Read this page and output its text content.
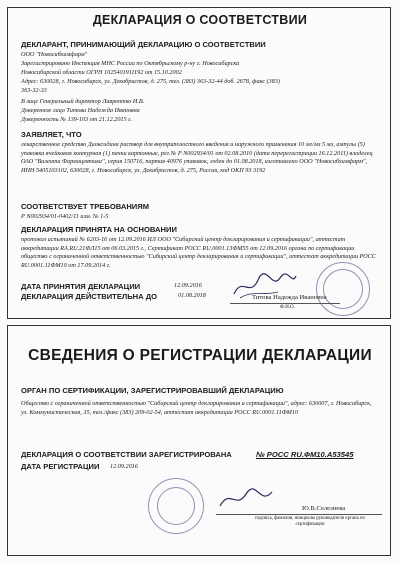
ДЕКЛАРАЦИЯ О СООТВЕТСТВИИ
ДЕКЛАРАНТ, ПРИНИМАЮЩИЙ ДЕКЛАРАЦИЮ О СООТВЕТСТВИИ
ООО "Новосибхимфарм"
Зарегистрировано Инспекция МНС России по Октябрьскому р-ну г. Новосибирска
Новосибирской области ОГРН 1025401911192 от 15.10.2002
Адрес: 630028, г. Новосибирск, ул. Декабристов, д. 275, тел. (383) 363-32-44 доб. 2678, факс (383)
363-32-33
В лице Генеральный директор Лаврентко И.В.
Доверенное лицо Титова Надежда Ивановна
Доверенность № 139-103 от 21.12.2015 г.
ЗАЯВЛЯЕТ, ЧТО
лекарственное средство Диоксидина раствор для внутриполостного введения и наружного применения 10 мг/мл 5 мл, ампулы (5) упаковка ячейковая контурная (1) пачки картонные, рег.№ Р N002934/01 от 02.08.2010 (дата перерегистрации 16.12.2011) владелец ОАО "Валента Фармацевтика", серия 150716, партия 40976 упаковок, годен до 01.08.2018, изготовлено ООО "Новосибхимфарм", ИНН 5405103102, 630028, г. Новосибирск, ул. Декабристов, д. 275, Россия, код ОКП 93 3192
СООТВЕТСТВУЕТ ТРЕБОВАНИЯМ
Р N002934/01-0402/11 изм. № 1-5
ДЕКЛАРАЦИЯ ПРИНЯТА НА ОСНОВАНИИ
протокол испытаний № 6203-16 от 12.09.2016 ИЛ ООО "Сибирский центр декларирования и сертификации", аттестат аккредитации RA.RU.21ФЛ15 от 06.03.2015 г., Сертификат РОСС RU.0001.13ФМ55 от 12.09.2016 органа по сертификации общество с ограниченной ответственностью "Сибирский центр декларирования и сертификации", аттестат аккредитации РОСС RU.0001.11ФМ10 от 17.09.2014 г.
ДАТА ПРИНЯТИЯ ДЕКЛАРАЦИИ	12.09.2016
ДЕКЛАРАЦИЯ ДЕЙСТВИТЕЛЬНА ДО	01.08.2018	Титова Надежда Ивановна
Ф.И.О.
СВЕДЕНИЯ О РЕГИСТРАЦИИ ДЕКЛАРАЦИИ
ОРГАН ПО СЕРТИФИКАЦИИ, ЗАРЕГИСТРИРОВАВШИЙ ДЕКЛАРАЦИЮ
Общество с ограниченной ответственностью "Сибирский центр декларирования и сертификации", адрес: 630007, г. Новосибирск, ул. Коммунистическая, 35, тел./факс (383) 209-02-54, аттестат аккредитации РОСС RU.0001.11ФМ10
ДЕКЛАРАЦИЯ О СООТВЕТСТВИИ ЗАРЕГИСТРИРОВАНА	№ РОСС RU.ФМ10.А53545
ДАТА РЕГИСТРАЦИИ 12.09.2016
Ю.В.Селезнева
подпись, фамилия, инициалы руководителя органа по сертификации
